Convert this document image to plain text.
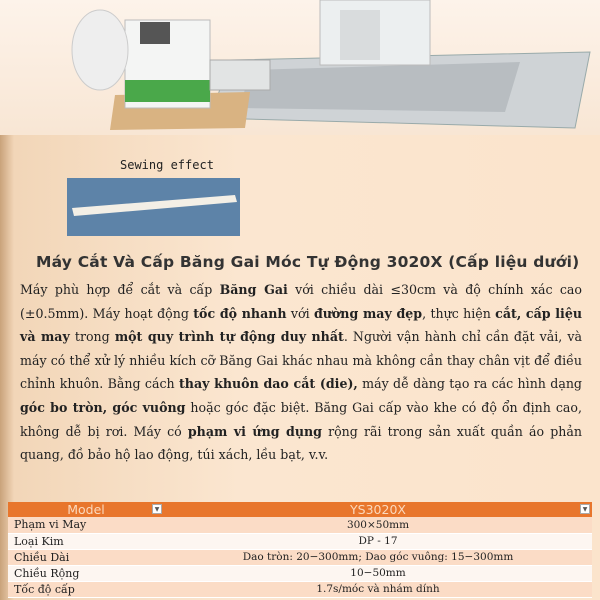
Sewing effect
Máy Cắt Và Cấp Băng Gai Móc Tự Động 3020X (Cấp liệu dưới)
Máy phù hợp để cắt và cấp Băng Gai với chiều dài ≤30cm và độ chính xác cao (±0.5mm). Máy hoạt động tốc độ nhanh với đường may đẹp, thực hiện cắt, cấp liệu và may trong một quy trình tự động duy nhất. Người vận hành chỉ cần đặt vải, và máy có thể xử lý nhiều kích cỡ Băng Gai khác nhau mà không cần thay chân vịt để điều chỉnh khuôn. Bằng cách thay khuôn dao cắt (die), máy dễ dàng tạo ra các hình dạng góc bo tròn, góc vuông hoặc góc đặc biệt. Băng Gai cấp vào khe có độ ổn định cao, không dễ bị rơi. Máy có phạm vi ứng dụng rộng rãi trong sản xuất quần áo phản quang, đồ bảo hộ lao động, túi xách, lều bạt, v.v.
Model ▼	YS3020X ▼

Phạm vi May	300×50mm
Loại Kim	DP - 17
Chiều Dài	Dao tròn: 20−300mm; Dao góc vuông: 15−300mm
Chiều Rộng	10−50mm
Tốc độ cấp	1.7s/móc và nhám dính
